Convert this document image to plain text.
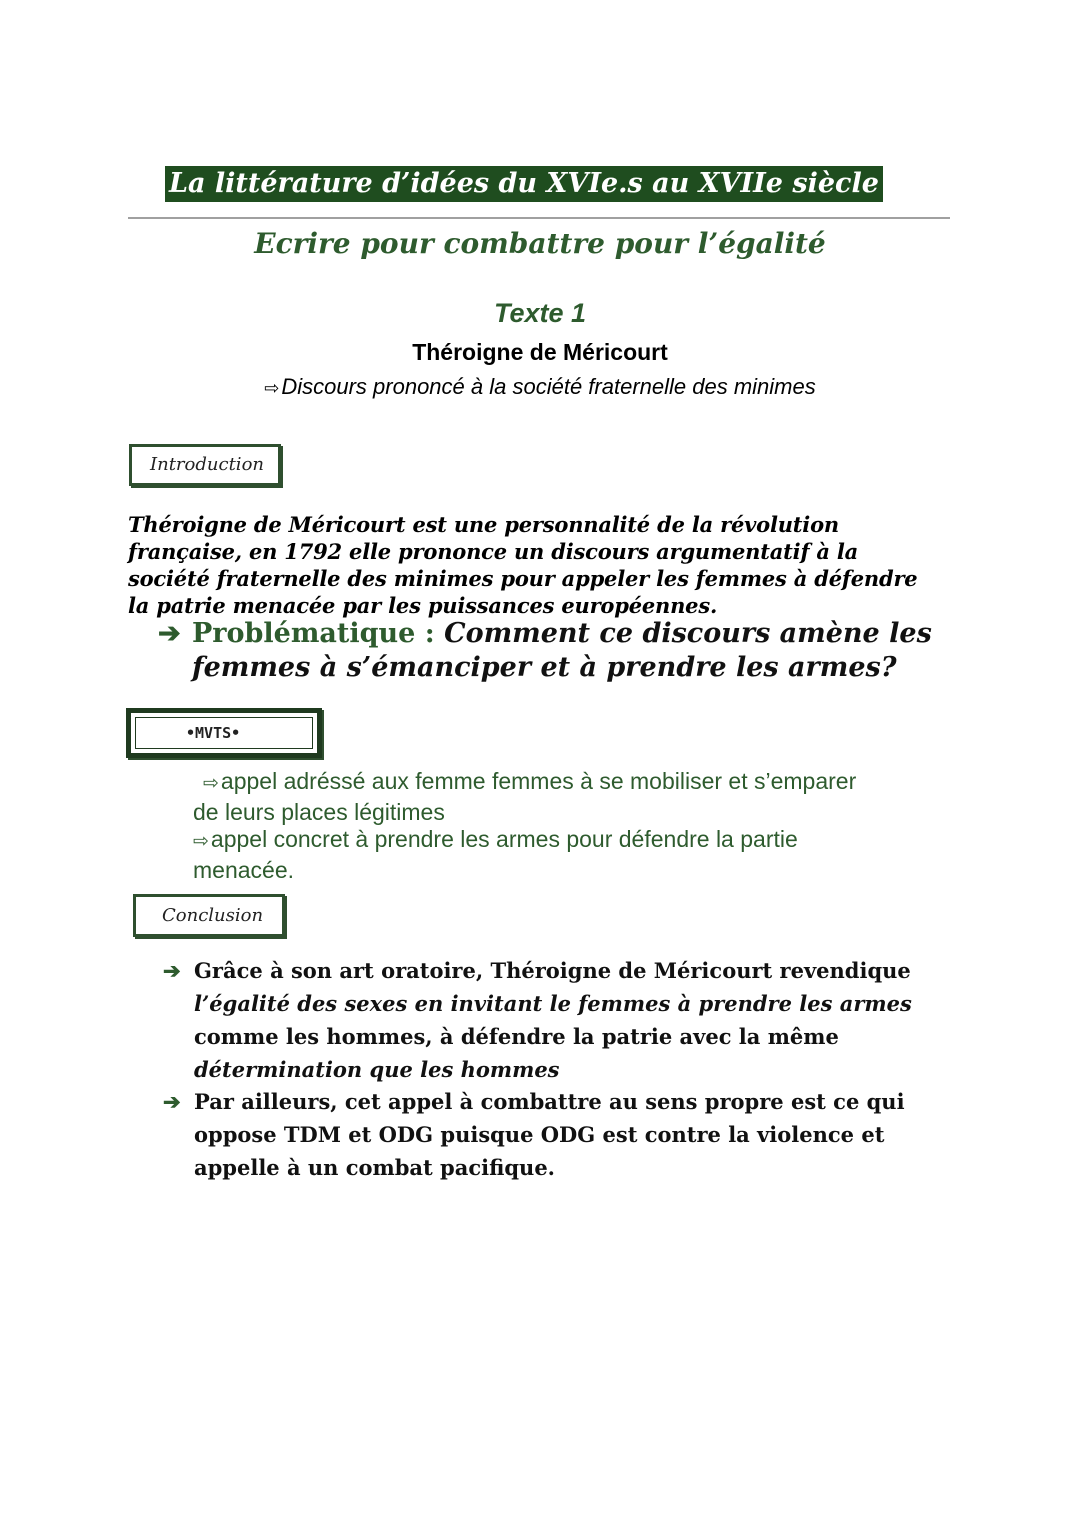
La littérature d’idées du XVIe.s au XVIIe siècle
Ecrire pour combattre pour l’égalité
Texte 1
Théroigne de Méricourt
⇨Discours prononcé à la société fraternelle des minimes
Introduction
Théroigne de Méricourt est une personnalité de la révolution française, en 1792 elle prononce un discours argumentatif à la société fraternelle des minimes pour appeler les femmes à défendre la patrie menacée par les puissances européennes.
➔ Problématique : Comment ce discours amène les
femmes à s’émanciper et à prendre les armes?
•MVTS•
⇨appel adréssé aux femme femmes à se mobiliser et s’emparer
de leurs places légitimes
⇨appel concret à prendre les armes pour défendre la partie
menacée.
Conclusion
➔ Grâce à son art oratoire, Théroigne de Méricourt revendique
l’égalité des sexes en invitant le femmes à prendre les armes
comme les hommes, à défendre la patrie avec la même
détermination que les hommes
➔ Par ailleurs, cet appel à combattre au sens propre est ce qui
oppose TDM et ODG puisque ODG est contre la violence et
appelle à un combat pacifique.
